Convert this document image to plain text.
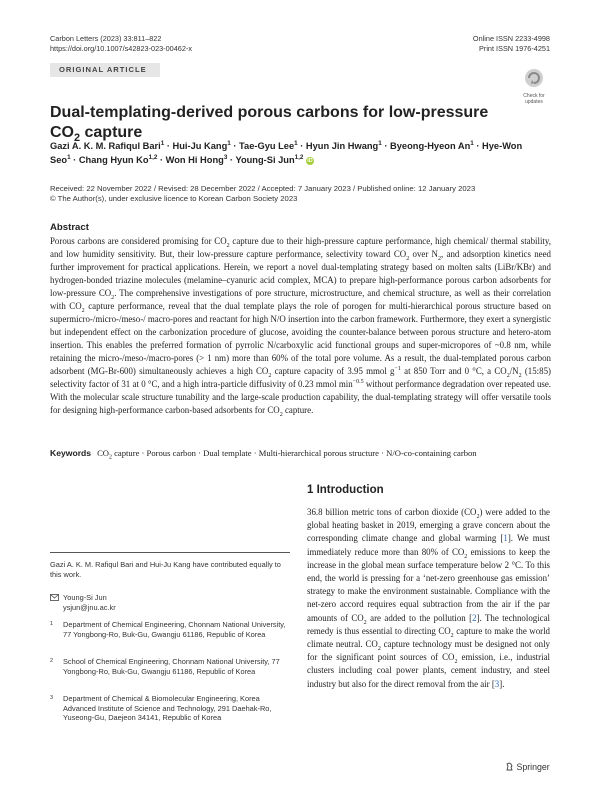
Carbon Letters (2023) 33:811–822
https://doi.org/10.1007/s42823-023-00462-x
Online ISSN 2233-4998
Print ISSN 1976-4251
ORIGINAL ARTICLE
Check for
updates
Dual-templating-derived porous carbons for low-pressure $CO_2$ capture
Gazi A. K. M. Rafiqul Bari$^1$ · Hui-Ju Kang$^1$ · Tae-Gyu Lee$^1$ · Hyun Jin Hwang$^1$ · Byeong-Hyeon $An^1 \cdot Hye-Won$ Seo$^1$ · Chang Hyun Ko$^{1,2}$ · Won Hi Hong$^3$ · Young-Si Jun$^{1,2}$ iD
Received: 22 November 2022 / Revised: 28 December 2022 / Accepted: 7 January 2023 / Published online: 12 January 2023
© The Author(s), under exclusive licence to Korean Carbon Society 2023
Abstract
Porous carbons are considered promising for $CO_2$ capture due to their high-pressure capture performance, high chemical/ thermal stability, and low humidity sensitivity. But, their low-pressure capture performance, selectivity toward $CO_2$ over $N_2$, and adsorption kinetics need further improvement for practical applications. Herein, we report a novel dual-templating strategy based on molten salts (LiBr/KBr) and hydrogen-bonded triazine molecules (melamine–cyanuric acid complex, MCA) to prepare high-performance porous carbon adsorbents for low-pressure $CO_2$. The comprehensive investigations of pore structure, microstructure, and chemical structure, as well as their correlation with $CO_2$ capture performance, reveal that the dual template plays the role of porogen for multi-hierarchical porous structure based on supermicro-/micro-/meso-/ macro-pores and reactant for high N/O insertion into the carbon framework. Furthermore, they exert a synergistic but independent effect on the carbonization procedure of glucose, avoiding the counter-balance between porous structure and hetero-atom insertion. This enables the preferred formation of pyrrolic N/carboxylic acid functional groups and super-micropores of ~0.8 nm, while retaining the micro-/meso-/macro-pores (> 1 nm) more than 60% of the total pore volume. As a result, the dual-templated porous carbon adsorbent (MG-Br-600) simultaneously achieves a high $CO_2$ capture capacity of 3.95 mmol $g^{-1}$ at 850 Torr and 0 °C, a $CO_2/N_2$ (15:85) selectivity factor of 31 at 0 °C, and a high intra-particle diffusivity of 0.23 mmol $\min^{-0.5}$ without performance degradation over repeated use. With the molecular scale structure tunability and the large-scale production capability, the dual-templating strategy will offer versatile tools for designing high-performance carbon-based adsorbents for $CO_2$ capture.
Keywords $CO_2$ capture · Porous carbon · Dual template · Multi-hierarchical porous structure · N/O-co-containing carbon
1 Introduction
36.8 billion metric tons of carbon dioxide $(CO_2)$ were added to the global heating basket in 2019, emerging a grave concern about the corresponding climate change and global warming [1]. We must immediately reduce more than 80% of $CO_2$ emissions to keep the increase in the global mean surface temperature below 2 °C. To this end, the world is pressing for a ‘net-zero greenhouse gas emission’ strategy to make the environment sustainable. Compliance with the net-zero accord requires equal subtraction from the air if the par amounts of $CO_2$ are added to the pollution [2]. The technological remedy is thus essential to directing $CO_2$ capture to make the world climate neutral. $CO_2$ capture technology must be designed not only for the significant point sources of $CO_2$ emission, i.e., industrial clusters including coal power plants, cement industry, and steel industry but also for the direct removal from the air [3].
Gazi A. K. M. Rafiqul Bari and Hui-Ju Kang have contributed equally to this work.
Young-Si Jun
ysjun@jnu.ac.kr
1 Department of Chemical Engineering, Chonnam National University, 77 Yongbong-Ro, Buk-Gu, Gwangju 61186, Republic of Korea
2 School of Chemical Engineering, Chonnam National University, 77 Yongbong-Ro, Buk-Gu, Gwangju 61186, Republic of Korea
3 Department of Chemical & Biomolecular Engineering, Korea Advanced Institute of Science and Technology, 291 Daehak-Ro, Yuseong-Gu, Daejeon 34141, Republic of Korea
Springer
